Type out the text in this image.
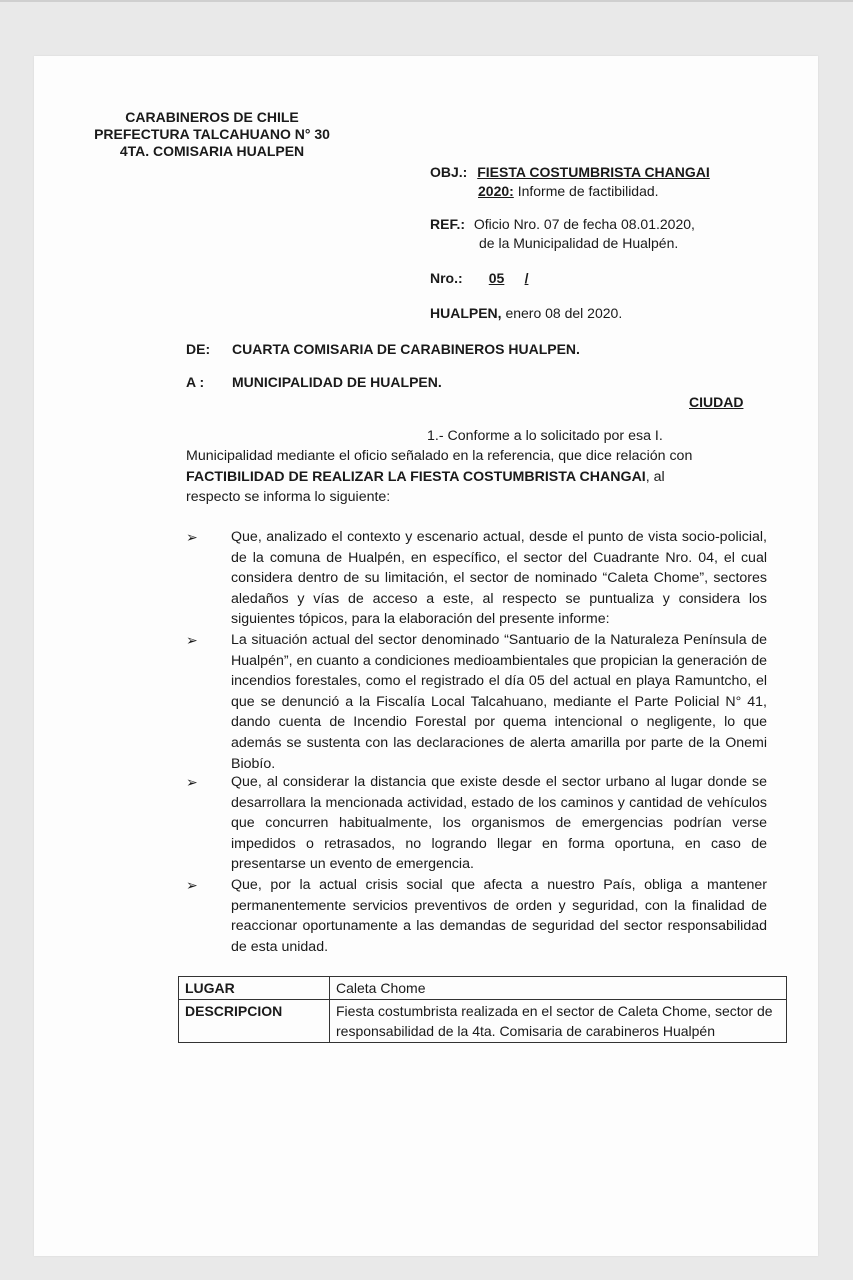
CARABINEROS DE CHILE
PREFECTURA TALCAHUANO N° 30
4TA. COMISARIA HUALPEN
OBJ.: FIESTA COSTUMBRISTA CHANGAI
2020: Informe de factibilidad.
REF.: Oficio Nro. 07 de fecha 08.01.2020,
de la Municipalidad de Hualpén.
Nro.: 05 /
HUALPEN, enero 08 del 2020.
DE: CUARTA COMISARIA DE CARABINEROS HUALPEN.
A : MUNICIPALIDAD DE HUALPEN.
CIUDAD
1.- Conforme a lo solicitado por esa I.
Municipalidad mediante el oficio señalado en la referencia, que dice relación con
FACTIBILIDAD DE REALIZAR LA FIESTA COSTUMBRISTA CHANGAI, al
respecto se informa lo siguiente:
➢ Que, analizado el contexto y escenario actual, desde el punto de vista socio-policial, de la comuna de Hualpén, en específico, el sector del Cuadrante Nro. 04, el cual considera dentro de su limitación, el sector de nominado “Caleta Chome”, sectores aledaños y vías de acceso a este, al respecto se puntualiza y considera los siguientes tópicos, para la elaboración del presente informe:
➢ La situación actual del sector denominado “Santuario de la Naturaleza Península de Hualpén”, en cuanto a condiciones medioambientales que propician la generación de incendios forestales, como el registrado el día 05 del actual en playa Ramuntcho, el que se denunció a la Fiscalía Local Talcahuano, mediante el Parte Policial N° 41, dando cuenta de Incendio Forestal por quema intencional o negligente, lo que además se sustenta con las declaraciones de alerta amarilla por parte de la Onemi Biobío.
➢ Que, al considerar la distancia que existe desde el sector urbano al lugar donde se desarrollara la mencionada actividad, estado de los caminos y cantidad de vehículos que concurren habitualmente, los organismos de emergencias podrían verse impedidos o retrasados, no logrando llegar en forma oportuna, en caso de presentarse un evento de emergencia.
➢ Que, por la actual crisis social que afecta a nuestro País, obliga a mantener permanentemente servicios preventivos de orden y seguridad, con la finalidad de reaccionar oportunamente a las demandas de seguridad del sector responsabilidad de esta unidad.
LUGAR	Caleta Chome
DESCRIPCION	Fiesta costumbrista realizada en el sector de Caleta Chome, sector de responsabilidad de la 4ta. Comisaria de carabineros Hualpén
